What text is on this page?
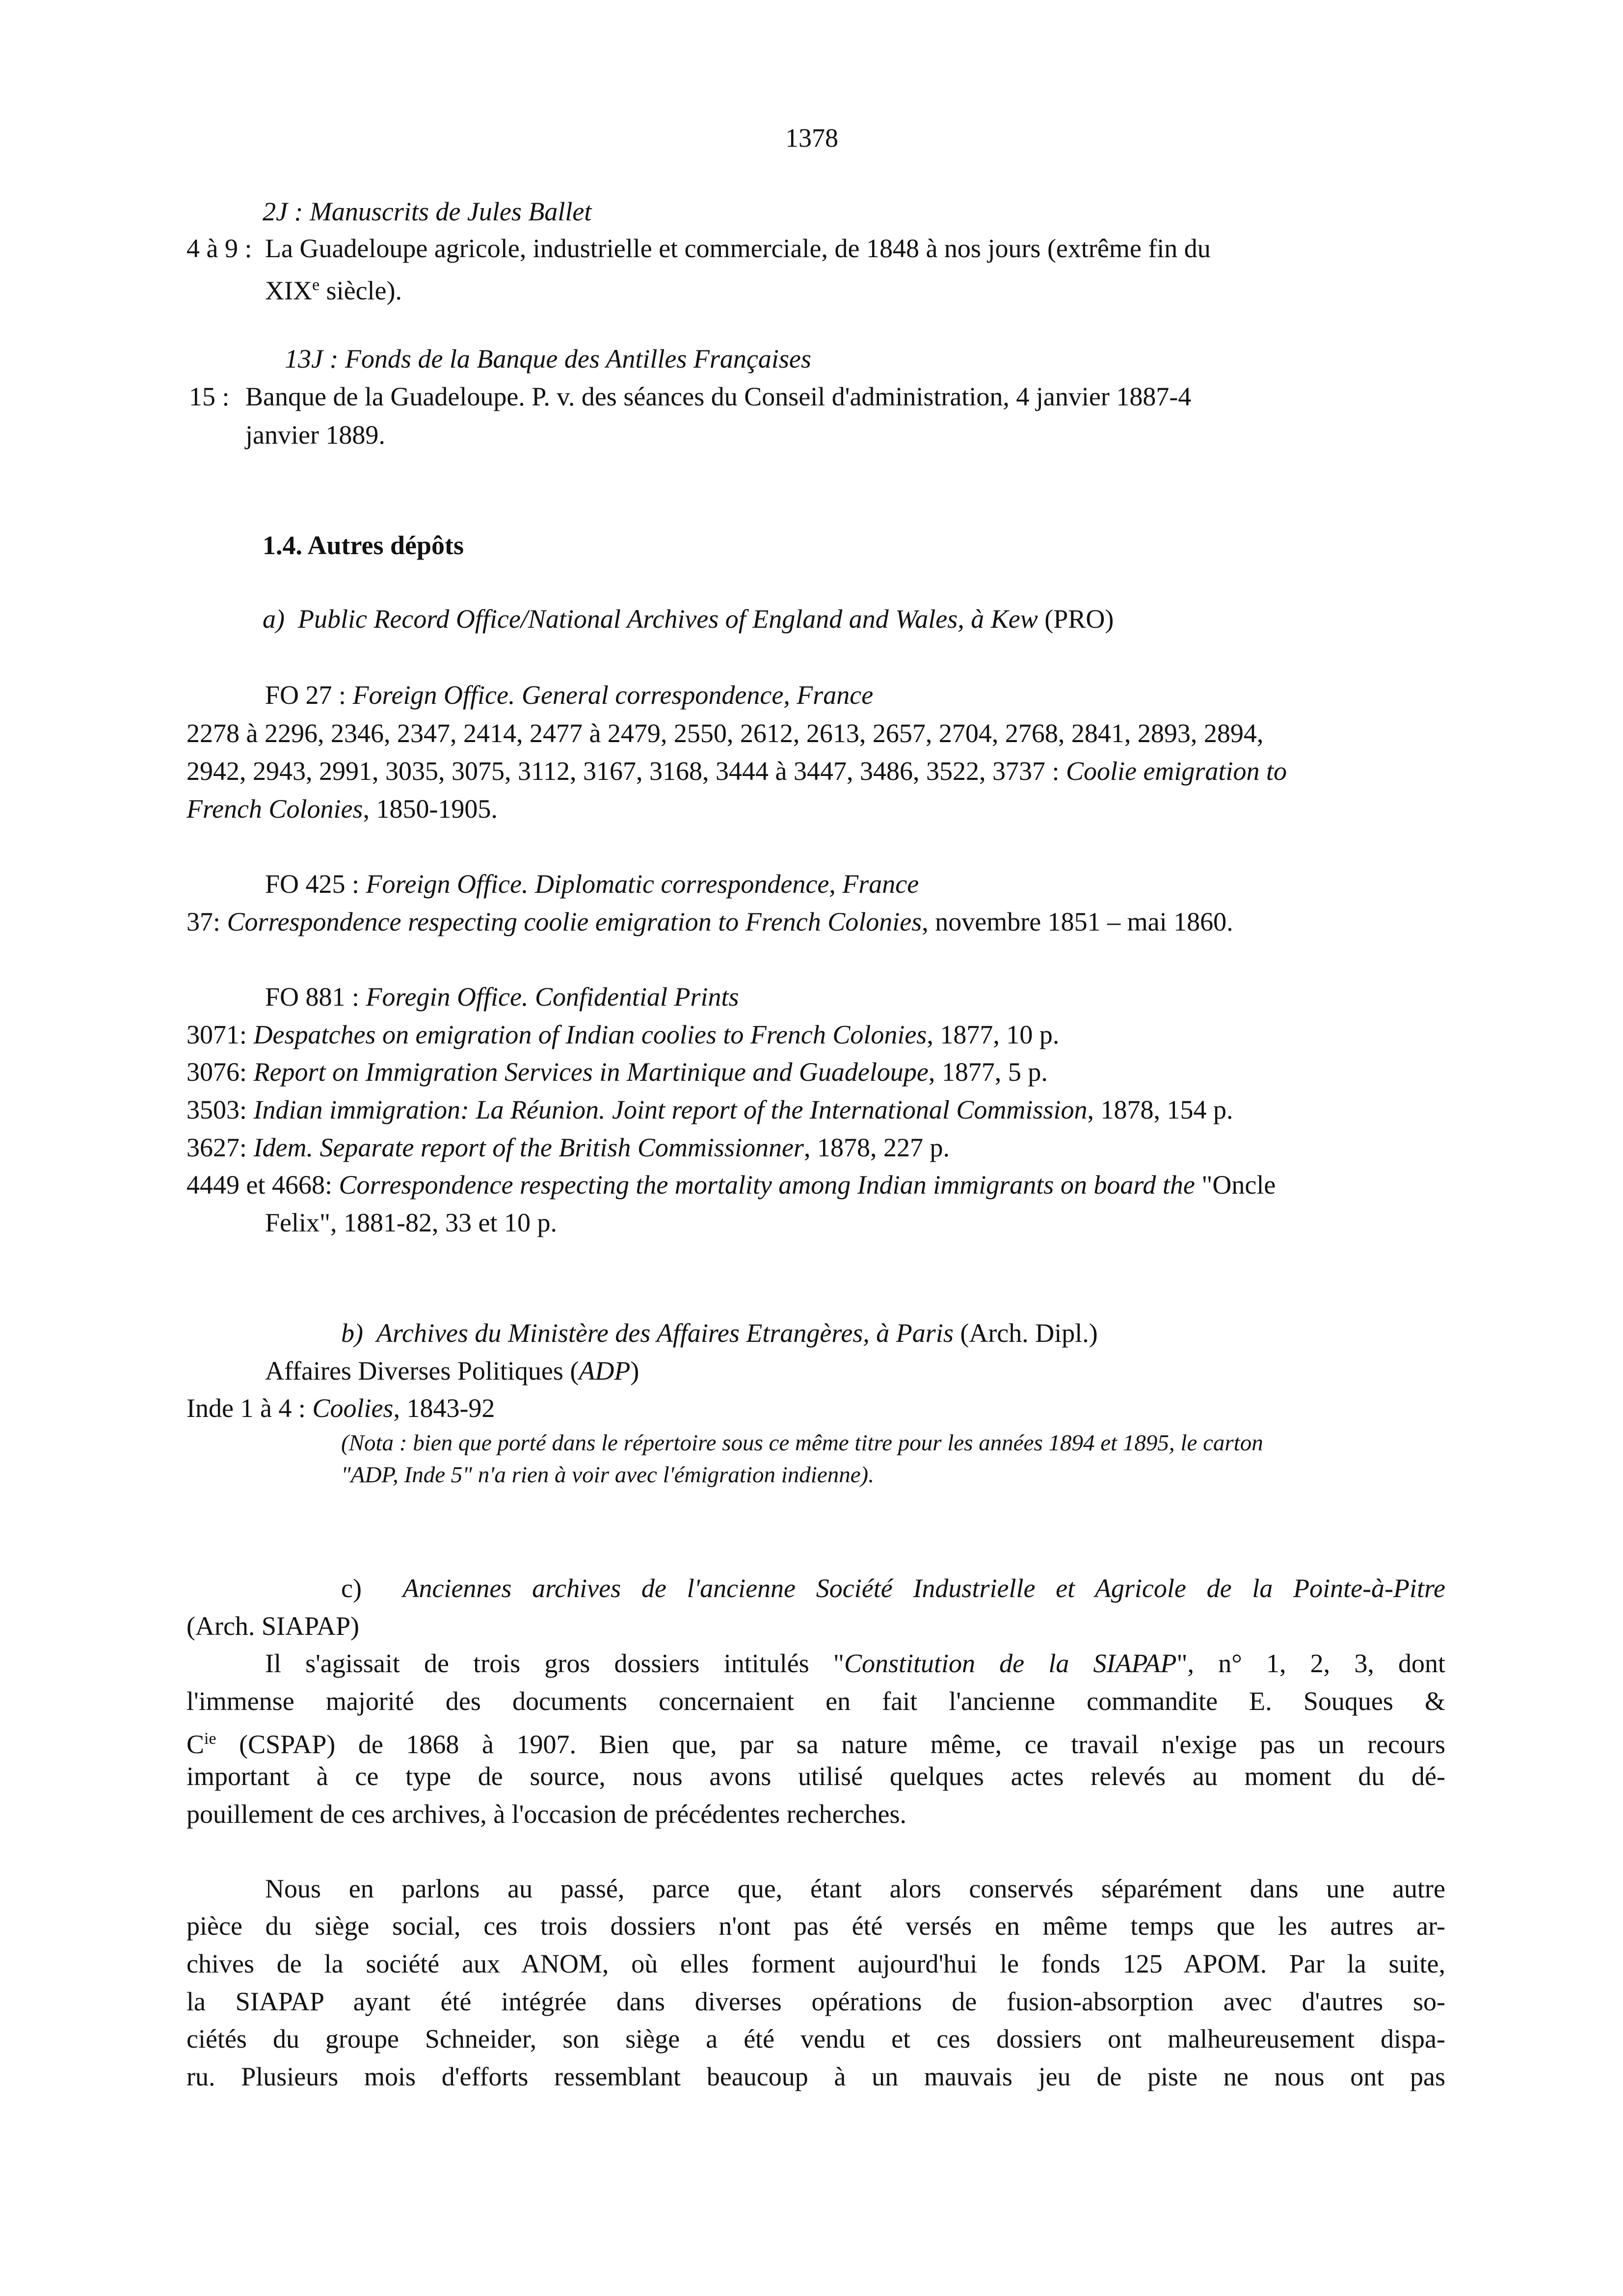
1378
2J : Manuscrits de Jules Ballet
4 à 9 : La Guadeloupe agricole, industrielle et commerciale, de 1848 à nos jours (extrême fin du
XIXe siècle).
13J : Fonds de la Banque des Antilles Françaises
15 : Banque de la Guadeloupe. P. v. des séances du Conseil d'administration, 4 janvier 1887-4
janvier 1889.
1.4. Autres dépôts
a) Public Record Office/National Archives of England and Wales, à Kew (PRO)
FO 27 : Foreign Office. General correspondence, France
2278 à 2296, 2346, 2347, 2414, 2477 à 2479, 2550, 2612, 2613, 2657, 2704, 2768, 2841, 2893, 2894,
2942, 2943, 2991, 3035, 3075, 3112, 3167, 3168, 3444 à 3447, 3486, 3522, 3737 : Coolie emigration to
French Colonies, 1850-1905.
FO 425 : Foreign Office. Diplomatic correspondence, France
37: Correspondence respecting coolie emigration to French Colonies, novembre 1851 – mai 1860.
FO 881 : Foregin Office. Confidential Prints
3071: Despatches on emigration of Indian coolies to French Colonies, 1877, 10 p.
3076: Report on Immigration Services in Martinique and Guadeloupe, 1877, 5 p.
3503: Indian immigration: La Réunion. Joint report of the International Commission, 1878, 154 p.
3627: Idem. Separate report of the British Commissionner, 1878, 227 p.
4449 et 4668: Correspondence respecting the mortality among Indian immigrants on board the "Oncle
Felix", 1881-82, 33 et 10 p.
b) Archives du Ministère des Affaires Etrangères, à Paris (Arch. Dipl.)
Affaires Diverses Politiques (ADP)
Inde 1 à 4 : Coolies, 1843-92
(Nota : bien que porté dans le répertoire sous ce même titre pour les années 1894 et 1895, le carton
"ADP, Inde 5" n'a rien à voir avec l'émigration indienne).
c) Anciennes archives de l'ancienne Société Industrielle et Agricole de la Pointe-à-Pitre
(Arch. SIAPAP)
Il s'agissait de trois gros dossiers intitulés "Constitution de la SIAPAP", n° 1, 2, 3, dont
l'immense majorité des documents concernaient en fait l'ancienne commandite E. Souques &
$C^{ie}$ (CSPAP) de 1868 à 1907. Bien que, par sa nature même, ce travail n'exige pas un recours
important à ce type de source, nous avons utilisé quelques actes relevés au moment du dé-
pouillement de ces archives, à l'occasion de précédentes recherches.
Nous en parlons au passé, parce que, étant alors conservés séparément dans une autre
pièce du siège social, ces trois dossiers n'ont pas été versés en même temps que les autres ar-
chives de la société aux ANOM, où elles forment aujourd'hui le fonds 125 APOM. Par la suite,
la SIAPAP ayant été intégrée dans diverses opérations de fusion-absorption avec d'autres so-
ciétés du groupe Schneider, son siège a été vendu et ces dossiers ont malheureusement dispa-
ru. Plusieurs mois d'efforts ressemblant beaucoup à un mauvais jeu de piste ne nous ont pas
